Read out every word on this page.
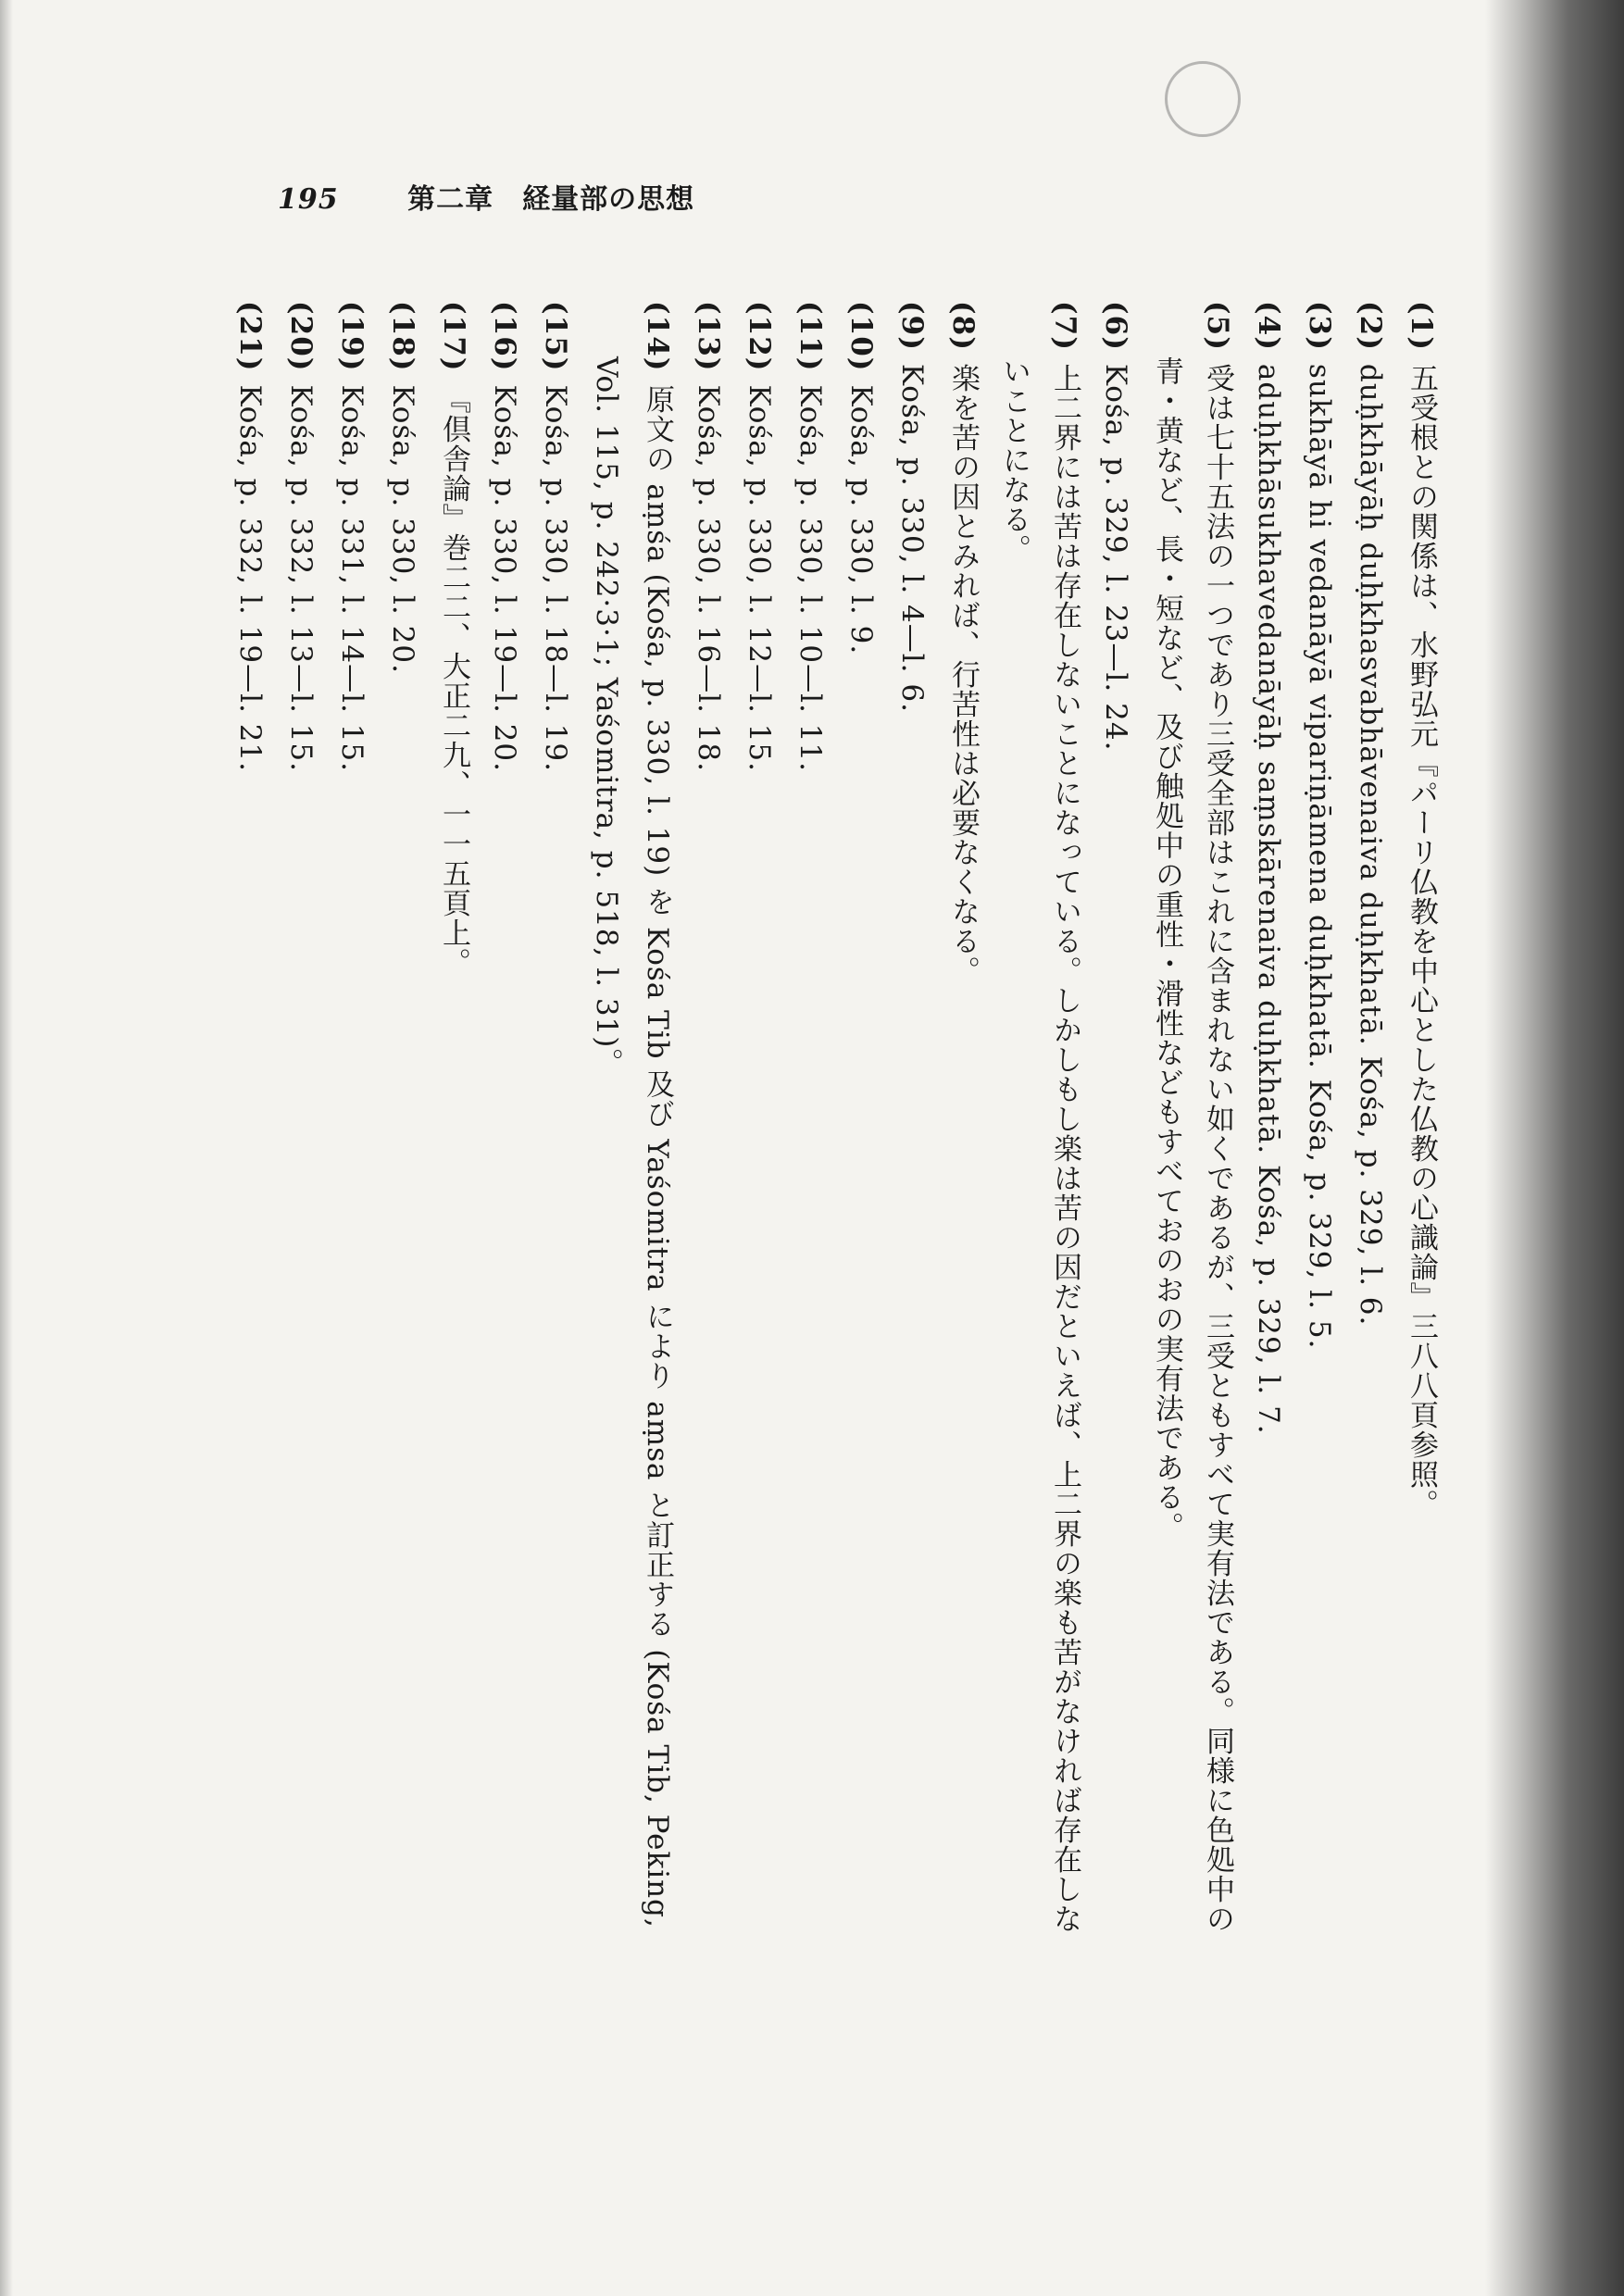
195 第二章　経量部の思想
(1)五受根との関係は、水野弘元『パーリ仏教を中心とした仏教の心識論』三八八頁参照。
(2)duḥkhāyāḥ duḥkhasvabhāvenaiva duḥkhatā. Kośa, p. 329, l. 6.
(3)sukhāyā hi vedanāyā vipariṇāmena duḥkhatā. Kośa, p. 329, l. 5.
(4)aduḥkhāsukhavedanāyāḥ saṃskārenaiva duḥkhatā. Kośa, p. 329, l. 7.
(5)受は七十五法の一つであり三受全部はこれに含まれない如くであるが、三受ともすべて実有法である。同様に色処中の
青・黄など、長・短など、及び触処中の重性・滑性などもすべておのおの実有法である。
(6)Kośa, p. 329, l. 23—l. 24.
(7)上二界には苦は存在しないことになっている。しかしもし楽は苦の因だといえば、上二界の楽も苦がなければ存在しな
いことになる。
(8)楽を苦の因とみれば、行苦性は必要なくなる。
(9)Kośa, p. 330, l. 4—l. 6.
(10)Kośa, p. 330, l. 9.
(11)Kośa, p. 330, l. 10—l. 11.
(12)Kośa, p. 330, l. 12—l. 15.
(13)Kośa, p. 330, l. 16—l. 18.
(14)原文の aṃśa (Kośa, p. 330, l. 19) を Kośa Tib 及び Yaśomitra により aṃsa と訂正する (Kośa Tib, Peking,
Vol. 115, p. 242·3·1; Yaśomitra, p. 518, l. 31)。
(15)Kośa, p. 330, l. 18—l. 19.
(16)Kośa, p. 330, l. 19—l. 20.
(17)『倶舎論』巻二二、大正二九、一一五頁上。
(18)Kośa, p. 330, l. 20.
(19)Kośa, p. 331, l. 14—l. 15.
(20)Kośa, p. 332, l. 13—l. 15.
(21)Kośa, p. 332, l. 19—l. 21.
